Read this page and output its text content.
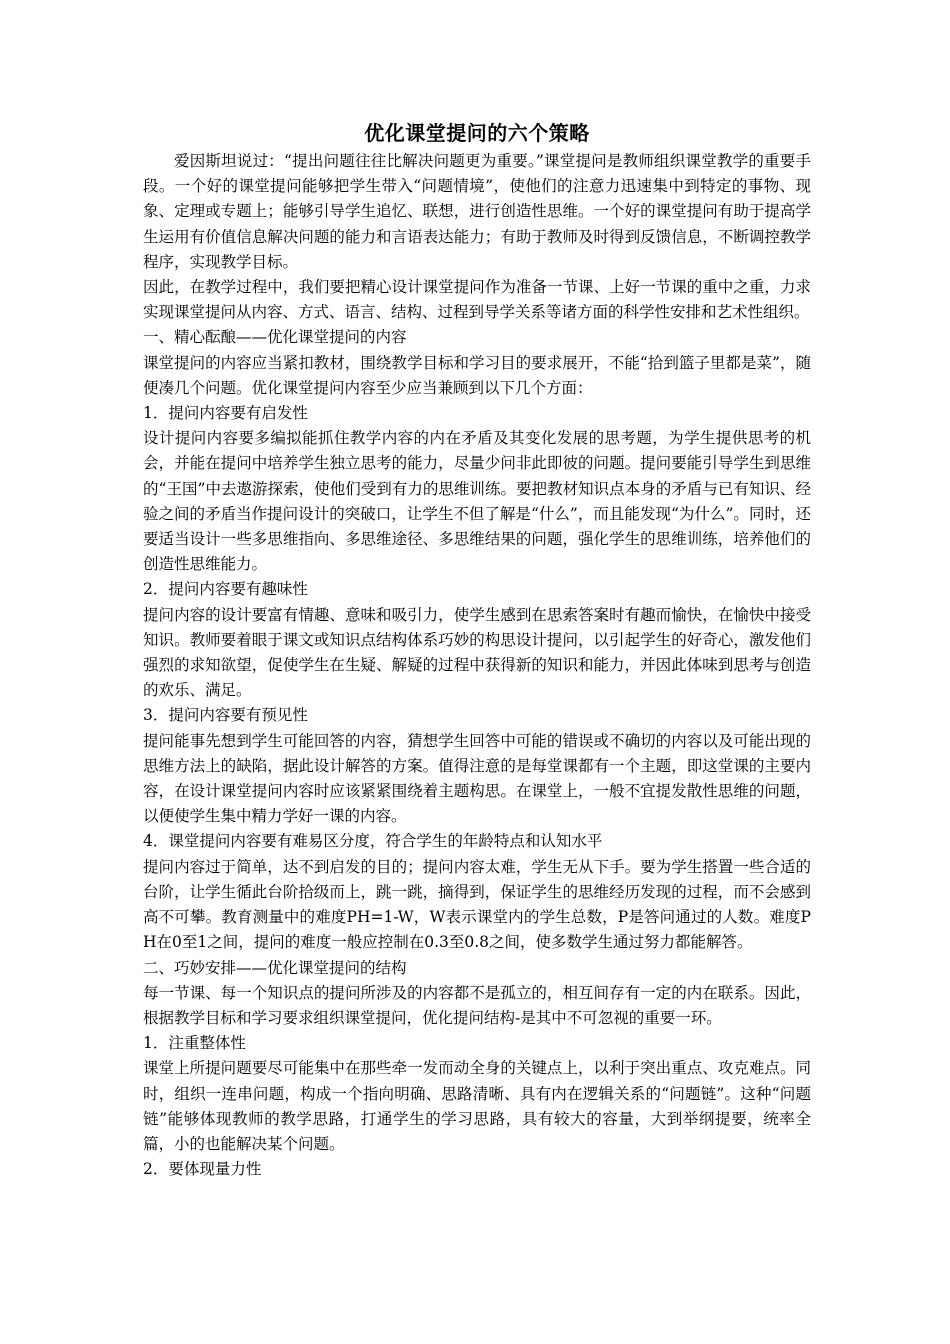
优化课堂提问的六个策略

爱因斯坦说过：“提出问题往往比解决问题更为重要。”课堂提问是教师组织课堂教学的重要手段。一个好的课堂提问能够把学生带入“问题情境”，使他们的注意力迅速集中到特定的事物、现象、定理或专题上；能够引导学生追忆、联想，进行创造性思维。一个好的课堂提问有助于提高学生运用有价值信息解决问题的能力和言语表达能力；有助于教师及时得到反馈信息，不断调控教学程序，实现教学目标。

因此，在教学过程中，我们要把精心设计课堂提问作为准备一节课、上好一节课的重中之重，力求实现课堂提问从内容、方式、语言、结构、过程到导学关系等诸方面的科学性安排和艺术性组织。

一、精心酝酿——优化课堂提问的内容

课堂提问的内容应当紧扣教材，围绕教学目标和学习目的要求展开，不能“拾到篮子里都是菜”，随便凑几个问题。优化课堂提问内容至少应当兼顾到以下几个方面：

1．提问内容要有启发性

设计提问内容要多编拟能抓住教学内容的内在矛盾及其变化发展的思考题，为学生提供思考的机会，并能在提问中培养学生独立思考的能力，尽量少问非此即彼的问题。提问要能引导学生到思维的“王国”中去遨游探索，使他们受到有力的思维训练。要把教材知识点本身的矛盾与已有知识、经验之间的矛盾当作提问设计的突破口，让学生不但了解是“什么”，而且能发现“为什么”。同时，还要适当设计一些多思维指向、多思维途径、多思维结果的问题，强化学生的思维训练，培养他们的创造性思维能力。

2．提问内容要有趣味性

提问内容的设计要富有情趣、意味和吸引力，使学生感到在思索答案时有趣而愉快，在愉快中接受知识。教师要着眼于课文或知识点结构体系巧妙的构思设计提问，以引起学生的好奇心，激发他们强烈的求知欲望，促使学生在生疑、解疑的过程中获得新的知识和能力，并因此体味到思考与创造的欢乐、满足。

3．提问内容要有预见性

提问能事先想到学生可能回答的内容，猜想学生回答中可能的错误或不确切的内容以及可能出现的思维方法上的缺陷，据此设计解答的方案。值得注意的是每堂课都有一个主题，即这堂课的主要内容，在设计课堂提问内容时应该紧紧围绕着主题构思。在课堂上，一般不宜提发散性思维的问题，以便使学生集中精力学好一课的内容。

4．课堂提问内容要有难易区分度，符合学生的年龄特点和认知水平

提问内容过于简单，达不到启发的目的；提问内容太难，学生无从下手。要为学生搭置一些合适的台阶，让学生循此台阶拾级而上，跳一跳，摘得到，保证学生的思维经历发现的过程，而不会感到高不可攀。教育测量中的难度PH=1-W，W表示课堂内的学生总数，P是答问通过的人数。难度PH在0至1之间，提问的难度一般应控制在0.3至0.8之间，使多数学生通过努力都能解答。

二、巧妙安排——优化课堂提问的结构

每一节课、每一个知识点的提问所涉及的内容都不是孤立的，相互间存有一定的内在联系。因此，根据教学目标和学习要求组织课堂提问，优化提问结构-是其中不可忽视的重要一环。

1．注重整体性

课堂上所提问题要尽可能集中在那些牵一发而动全身的关键点上，以利于突出重点、攻克难点。同时，组织一连串问题，构成一个指向明确、思路清晰、具有内在逻辑关系的“问题链”。这种“问题链”能够体现教师的教学思路，打通学生的学习思路，具有较大的容量，大到举纲提要，统率全篇，小的也能解决某个问题。

2．要体现量力性
